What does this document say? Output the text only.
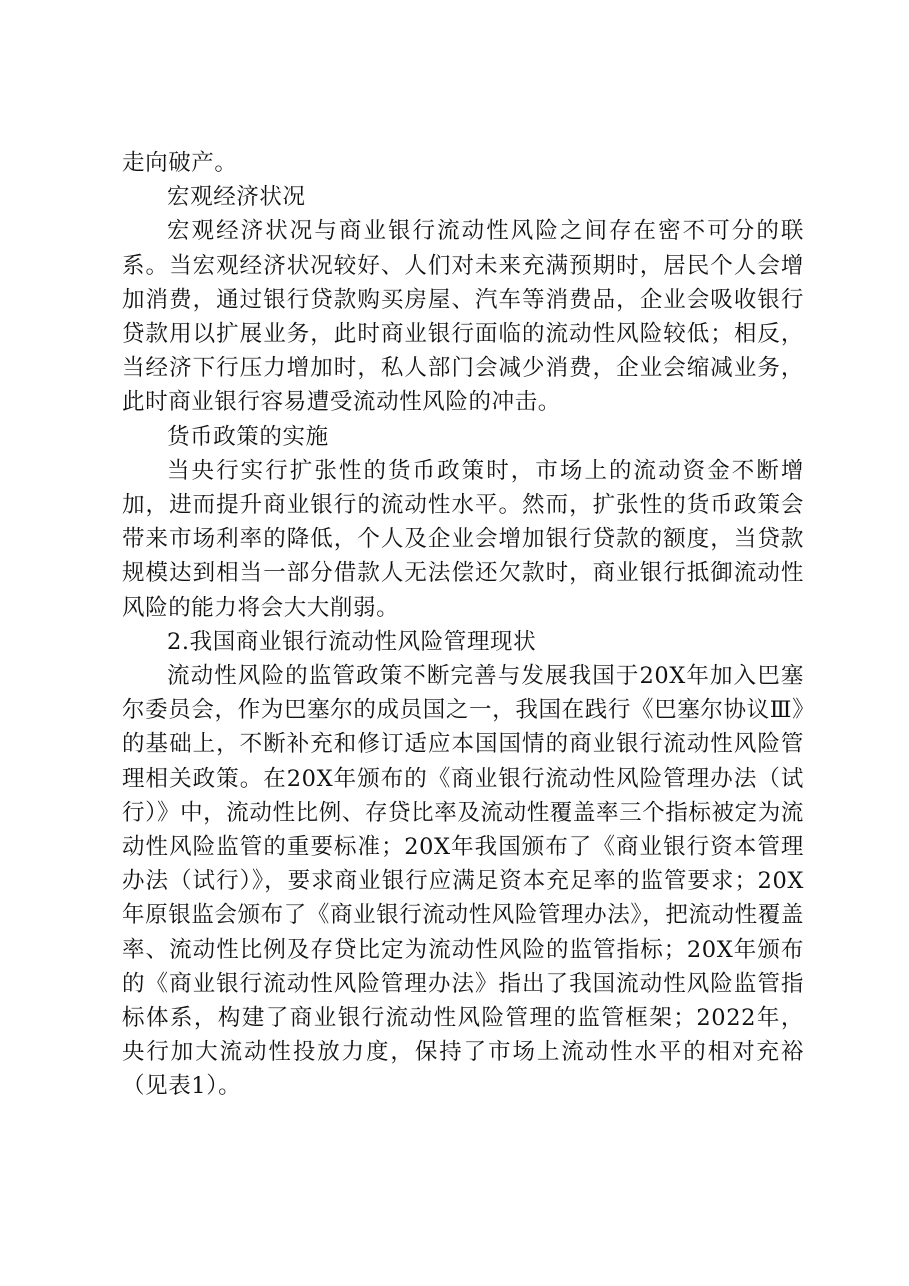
走向破产。

宏观经济状况

宏观经济状况与商业银行流动性风险之间存在密不可分的联系。当宏观经济状况较好、人们对未来充满预期时，居民个人会增加消费，通过银行贷款购买房屋、汽车等消费品，企业会吸收银行贷款用以扩展业务，此时商业银行面临的流动性风险较低；相反，当经济下行压力增加时，私人部门会减少消费，企业会缩减业务，此时商业银行容易遭受流动性风险的冲击。

货币政策的实施

当央行实行扩张性的货币政策时，市场上的流动资金不断增加，进而提升商业银行的流动性水平。然而，扩张性的货币政策会带来市场利率的降低，个人及企业会增加银行贷款的额度，当贷款规模达到相当一部分借款人无法偿还欠款时，商业银行抵御流动性风险的能力将会大大削弱。

2.我国商业银行流动性风险管理现状

流动性风险的监管政策不断完善与发展我国于20X年加入巴塞尔委员会，作为巴塞尔的成员国之一，我国在践行《巴塞尔协议Ⅲ》的基础上，不断补充和修订适应本国国情的商业银行流动性风险管理相关政策。在20X年颁布的《商业银行流动性风险管理办法（试行）》中，流动性比例、存贷比率及流动性覆盖率三个指标被定为流动性风险监管的重要标准；20X年我国颁布了《商业银行资本管理办法（试行）》，要求商业银行应满足资本充足率的监管要求；20X年原银监会颁布了《商业银行流动性风险管理办法》，把流动性覆盖率、流动性比例及存贷比定为流动性风险的监管指标；20X年颁布的《商业银行流动性风险管理办法》指出了我国流动性风险监管指标体系，构建了商业银行流动性风险管理的监管框架；2022年，央行加大流动性投放力度，保持了市场上流动性水平的相对充裕（见表1）。
